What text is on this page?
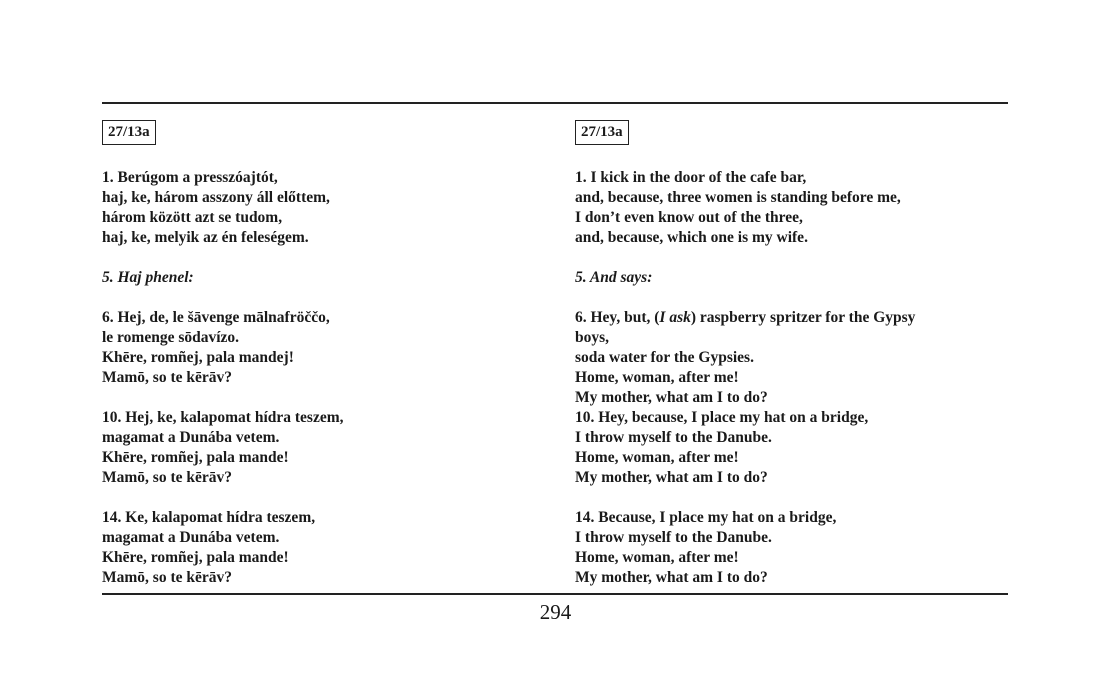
27/13a
1. Berúgom a presszóajtót,
haj, ke, három asszony áll előttem,
három között azt se tudom,
haj, ke, melyik az én feleségem.
5. Haj phenel:
6. Hej, de, le šāvenge mālnafröččo,
le romenge sōdavízo.
Khēre, romñej, pala mandej!
Mamō, so te kērāv?
10. Hej, ke, kalapomat hídra teszem,
magamat a Dunába vetem.
Khēre, romñej, pala mande!
Mamō, so te kērāv?
14. Ke, kalapomat hídra teszem,
magamat a Dunába vetem.
Khēre, romñej, pala mande!
Mamō, so te kērāv?
27/13a
1. I kick in the door of the cafe bar,
and, because, three women is standing before me,
I don’t even know out of the three,
and, because, which one is my wife.
5. And says:
6. Hey, but, (I ask) raspberry spritzer for the Gypsy
boys,
soda water for the Gypsies.
Home, woman, after me!
My mother, what am I to do?
10. Hey, because, I place my hat on a bridge,
I throw myself to the Danube.
Home, woman, after me!
My mother, what am I to do?
14. Because, I place my hat on a bridge,
I throw myself to the Danube.
Home, woman, after me!
My mother, what am I to do?
294
